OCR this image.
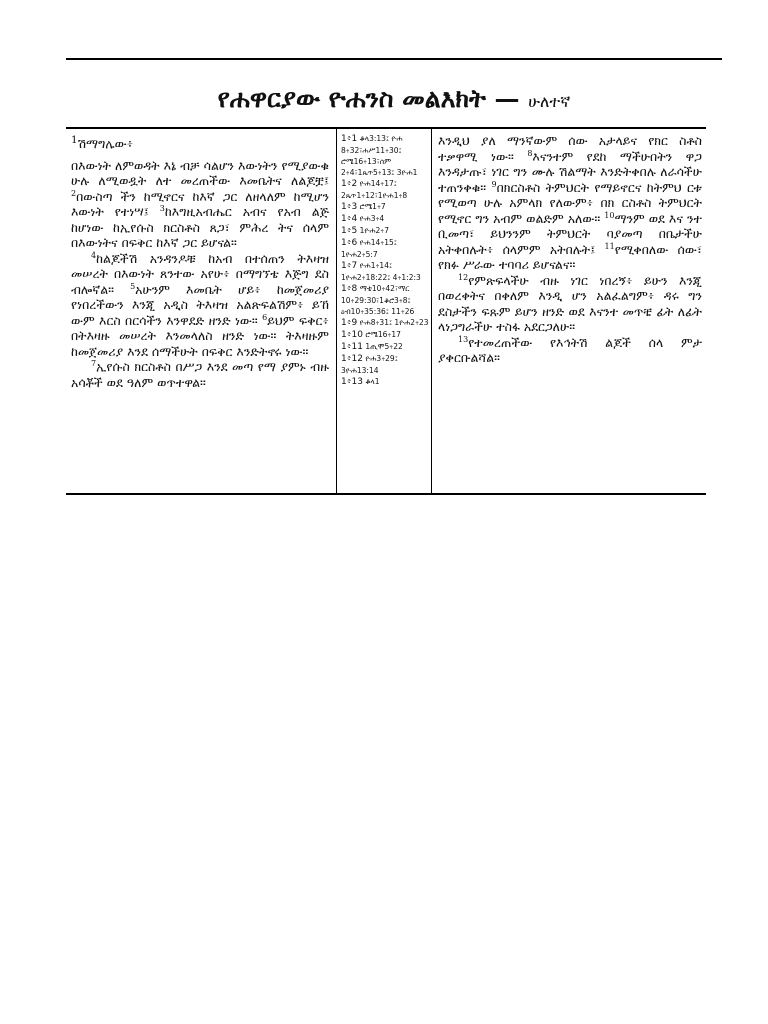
የሐዋርያው ዮሐንስ መልእክት — ሁለተኛ

$^1$ሽማግሌው፥

በእውነት ለምወዳት እኔ ብቻ ሳልሆን እውነትን የሚያውቁ ሁሉ ለሚወዷት ለተ መረጠችው እመቤትና ለልጆቿ፤ $^2$በውስጣ ችን ከሚኖርና ከእኛ ጋር ለዘላለም ከሚሆን እውነት የተነሣ፤ $^3$ከእግዚአብሔር አብና የአብ ልጅ ከሆነው ከኢየሱስ ክርስቶስ ጸጋ፣ ምሕረ ትና ሰላም በእውነትና በፍቅር ከእኛ ጋር ይሆናል።

$^4$ከልጆችሽ አንዳንዶቹ ከአብ በተሰጠን ትእዛዝ መሠረት በእውነት ጸንተው አየሁ፥ በማግኘቴ እጅግ ደስ ብሎኛል። $^5$አሁንም እመቤት ሆይ፥ ከመጀመሪያ የነበረችውን እንጂ አዲስ ትእዛዝ አልጽፍልሽም፥ ይኸ ውም እርስ በርሳችን እንዋደድ ዘንድ ነው። $^6$ይህም ፍቅር፥ በትእዛዙ መሠረት እንመላለስ ዘንድ ነው። ትእዛዙም ከመጀመሪያ እንደ ሰማችሁት በፍቅር እንድትኖሩ ነው።

$^7$ኢየሱስ ክርስቶስ በሥጋ እንደ መጣ የማ ያምኑ ብዙ አሳቾች ወደ ዓለም ወጥተዋል።

1፥1 ቆላ3:13፤ ዮሐ 8፥32፣ሐሥ11፥30፤ ሮሜ16፥13፣ሰም 2፥4፣1ጴጥ5፥13፤ 3ዮሐ1

1፥2 ዮሐ14፥17፤ 2ጴጥ1፥12፣1ዮሐ1፥8

1፥3 ሮሜ1፥7

1፥4 ዮሐ3፥4

1፥5 1ዮሐ2፥7

1፥6 ዮሐ14፥15፤ 1ዮሐ2፥5:7

1፥7 ዮሐ1፥14፤ 1ዮሐ2፥18:22፤ 4፥1:2:3

1፥8 ማቴ10፥42፣ማር 10፥29:30፣1ቆሮ3፥8፤ ዕብ10፥35:36፤ 11፥26

1፥9 ዮሐ8፥31፤ 1ዮሐ2፥23

1፥10 ሮሜ16፥17

1፥11 1ጢሞ5፥22

1፥12 ዮሐ3፥29፤ 3ዮሐ13:14

1፥13 ቆላ1

እንዲህ ያለ ማንኛውም ሰው አታላይና የክር ስቶስ ተቃዋሚ ነው። $^8$እናንተም የደከ ማችሁበትን ዋጋ እንዳታጡ፣ ነገር ግን ሙሉ ሽልማት እንድትቀበሉ ለራሳችሁ ተጠንቀቁ። $^9$በክርስቶስ ትምህርት የማይኖርና ከትምህ ርቱ የሚወጣ ሁሉ አምላክ የለውም፥ በክ ርስቶስ ትምህርት የሚኖር ግን አብም ወልድም አለው። $^{10}$ማንም ወደ እና ንተ ቢመጣ፣ ይህንንም ትምህርት ባያመጣ በቤታችሁ አትቀበሉት፥ ሰላምም አትበሉት፤ $^{11}$የሚቀበለው ሰው፣ የክፉ ሥራው ተባባሪ ይሆናልና።

$^{12}$የምጽፍላችሁ ብዙ ነገር ነበረኝ፥ ይሁን እንጂ በወረቀትና በቀለም እንዲ ሆን አልፈልግም፥ ዳሩ ግን ደስታችን ፍጹም ይሆን ዘንድ ወደ እናንተ መጥቼ ፊት ለፊት ላነጋግራችሁ ተስፋ አደርጋለሁ።

$^{13}$የተመረጠችው የእኅትሽ ልጆች ሰላ ምታ ያቀርቡልሻል።
